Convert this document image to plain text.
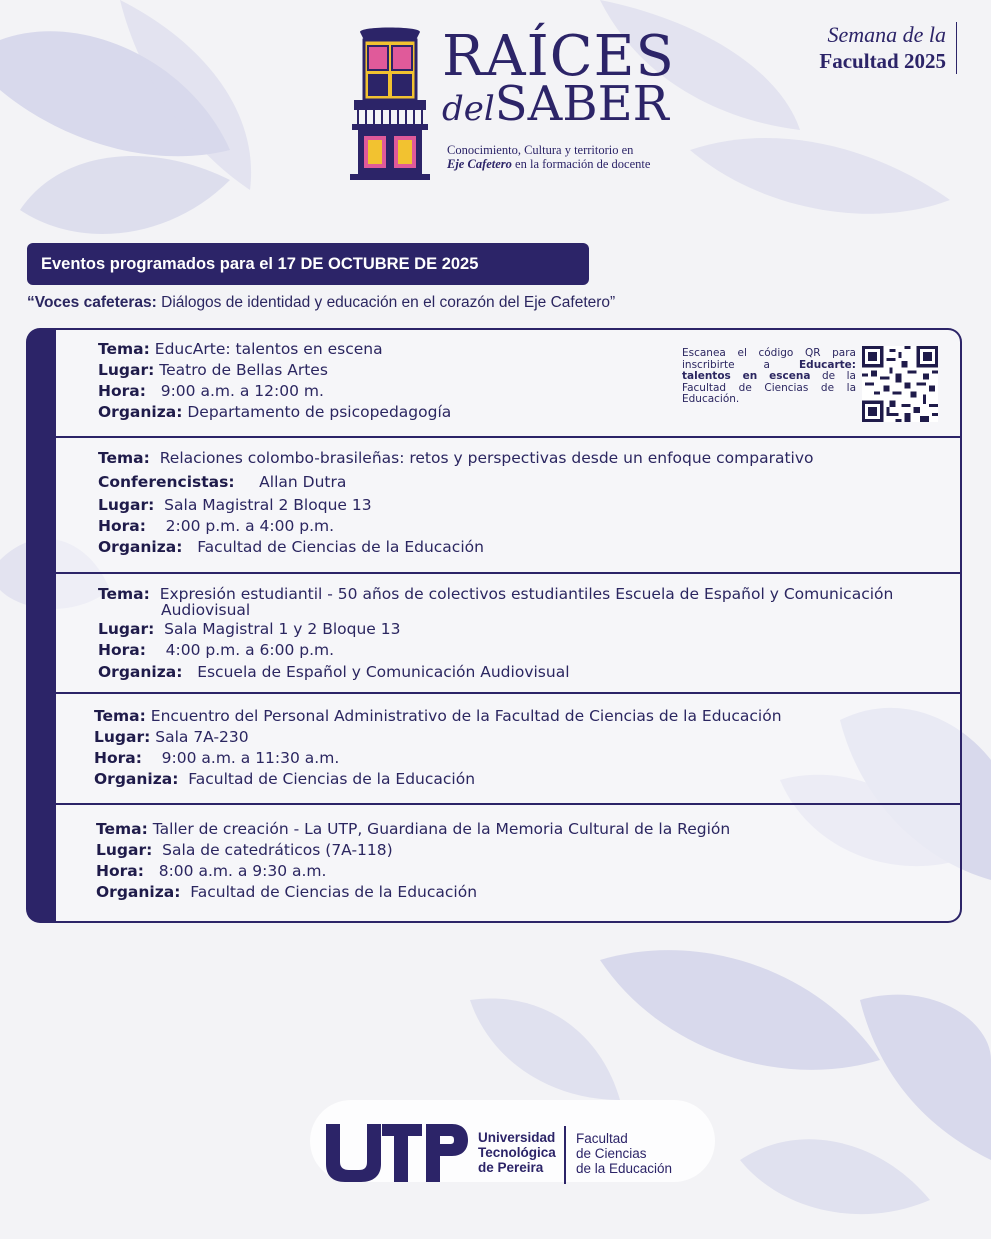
RAÍCES
delSABER
Conocimiento, Cultura y territorio en
Eje Cafetero en la formación de docente
Semana de la
Facultad 2025
Eventos programados para el 17 DE OCTUBRE DE 2025
“Voces cafeteras: Diálogos de identidad y educación en el corazón del Eje Cafetero”
Tema: EducArte: talentos en escena
Lugar: Teatro de Bellas Artes
Hora: 9:00 a.m. a 12:00 m.
Organiza: Departamento de psicopedagogía
Escanea el código QR para inscribirte a Educarte: talentos en escena de la Facultad de Ciencias de la Educación.
Tema: Relaciones colombo-brasileñas: retos y perspectivas desde un enfoque comparativo
Conferencistas: Allan Dutra
Lugar: Sala Magistral 2 Bloque 13
Hora: 2:00 p.m. a 4:00 p.m.
Organiza: Facultad de Ciencias de la Educación
Tema: Expresión estudiantil - 50 años de colectivos estudiantiles Escuela de Español y Comunicación
Audiovisual
Lugar: Sala Magistral 1 y 2 Bloque 13
Hora: 4:00 p.m. a 6:00 p.m.
Organiza: Escuela de Español y Comunicación Audiovisual
Tema: Encuentro del Personal Administrativo de la Facultad de Ciencias de la Educación
Lugar: Sala 7A-230
Hora: 9:00 a.m. a 11:30 a.m.
Organiza: Facultad de Ciencias de la Educación
Tema: Taller de creación - La UTP, Guardiana de la Memoria Cultural de la Región
Lugar: Sala de catedráticos (7A-118)
Hora: 8:00 a.m. a 9:30 a.m.
Organiza: Facultad de Ciencias de la Educación
Universidad
Tecnológica
de Pereira
Facultad
de Ciencias
de la Educación
